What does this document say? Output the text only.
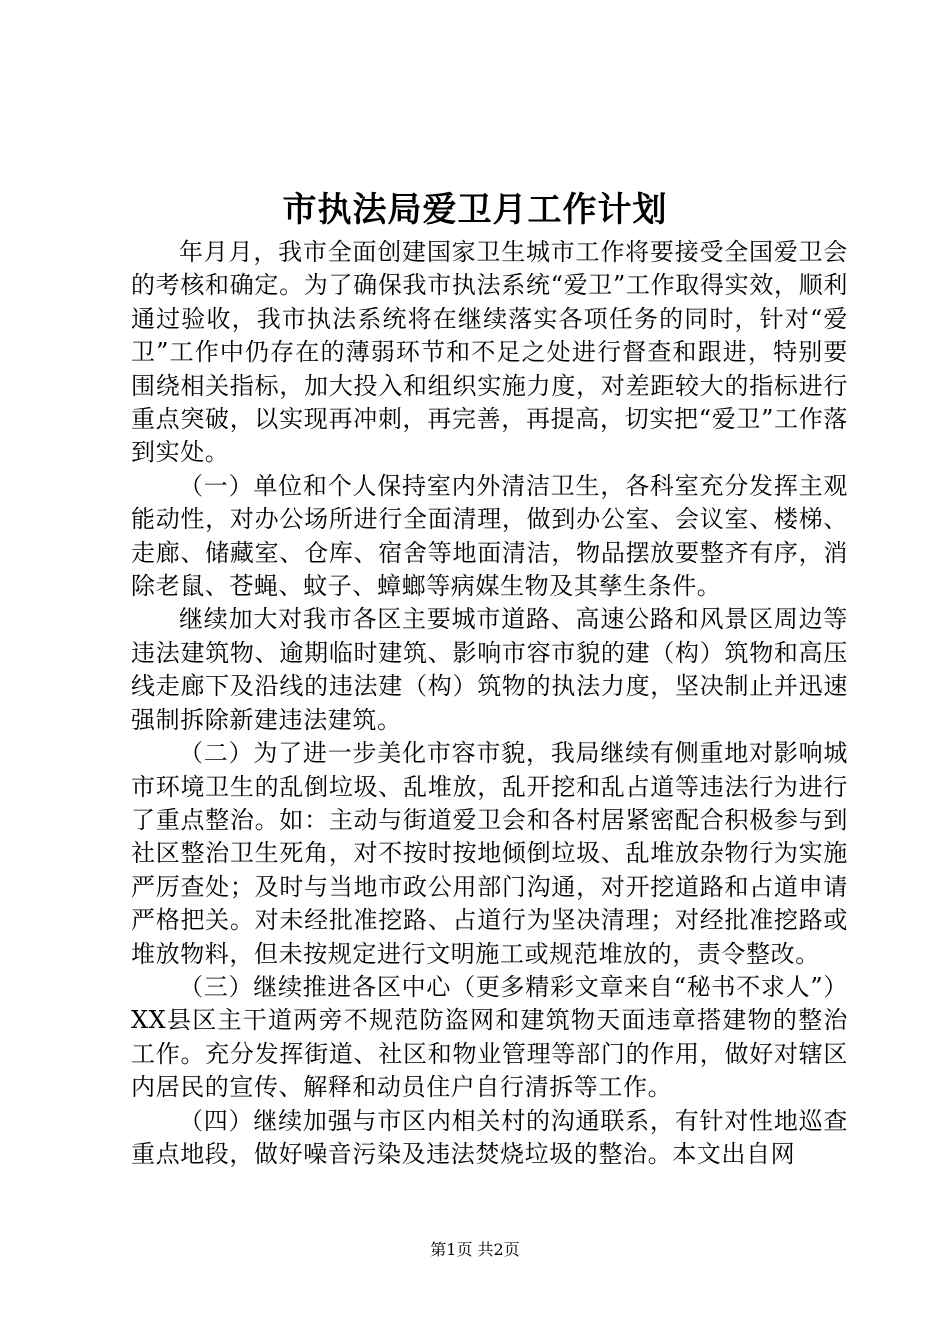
市执法局爱卫月工作计划

年月月，我市全面创建国家卫生城市工作将要接受全国爱卫会的考核和确定。为了确保我市执法系统“爱卫”工作取得实效，顺利通过验收，我市执法系统将在继续落实各项任务的同时，针对“爱卫”工作中仍存在的薄弱环节和不足之处进行督查和跟进，特别要围绕相关指标，加大投入和组织实施力度，对差距较大的指标进行重点突破，以实现再冲刺，再完善，再提高，切实把“爱卫”工作落到实处。

（一）单位和个人保持室内外清洁卫生，各科室充分发挥主观能动性，对办公场所进行全面清理，做到办公室、会议室、楼梯、走廊、储藏室、仓库、宿舍等地面清洁，物品摆放要整齐有序，消除老鼠、苍蝇、蚊子、蟑螂等病媒生物及其孳生条件。

继续加大对我市各区主要城市道路、高速公路和风景区周边等违法建筑物、逾期临时建筑、影响市容市貌的建（构）筑物和高压线走廊下及沿线的违法建（构）筑物的执法力度，坚决制止并迅速强制拆除新建违法建筑。

（二）为了进一步美化市容市貌，我局继续有侧重地对影响城市环境卫生的乱倒垃圾、乱堆放，乱开挖和乱占道等违法行为进行了重点整治。如：主动与街道爱卫会和各村居紧密配合积极参与到社区整治卫生死角，对不按时按地倾倒垃圾、乱堆放杂物行为实施严厉查处；及时与当地市政公用部门沟通，对开挖道路和占道申请严格把关。对未经批准挖路、占道行为坚决清理；对经批准挖路或堆放物料，但未按规定进行文明施工或规范堆放的，责令整改。

（三）继续推进各区中心（更多精彩文章来自“秘书不求人”）XX县区主干道两旁不规范防盗网和建筑物天面违章搭建物的整治工作。充分发挥街道、社区和物业管理等部门的作用，做好对辖区内居民的宣传、解释和动员住户自行清拆等工作。

（四）继续加强与市区内相关村的沟通联系，有针对性地巡查重点地段，做好噪音污染及违法焚烧垃圾的整治。本文出自网

第1页 共2页
